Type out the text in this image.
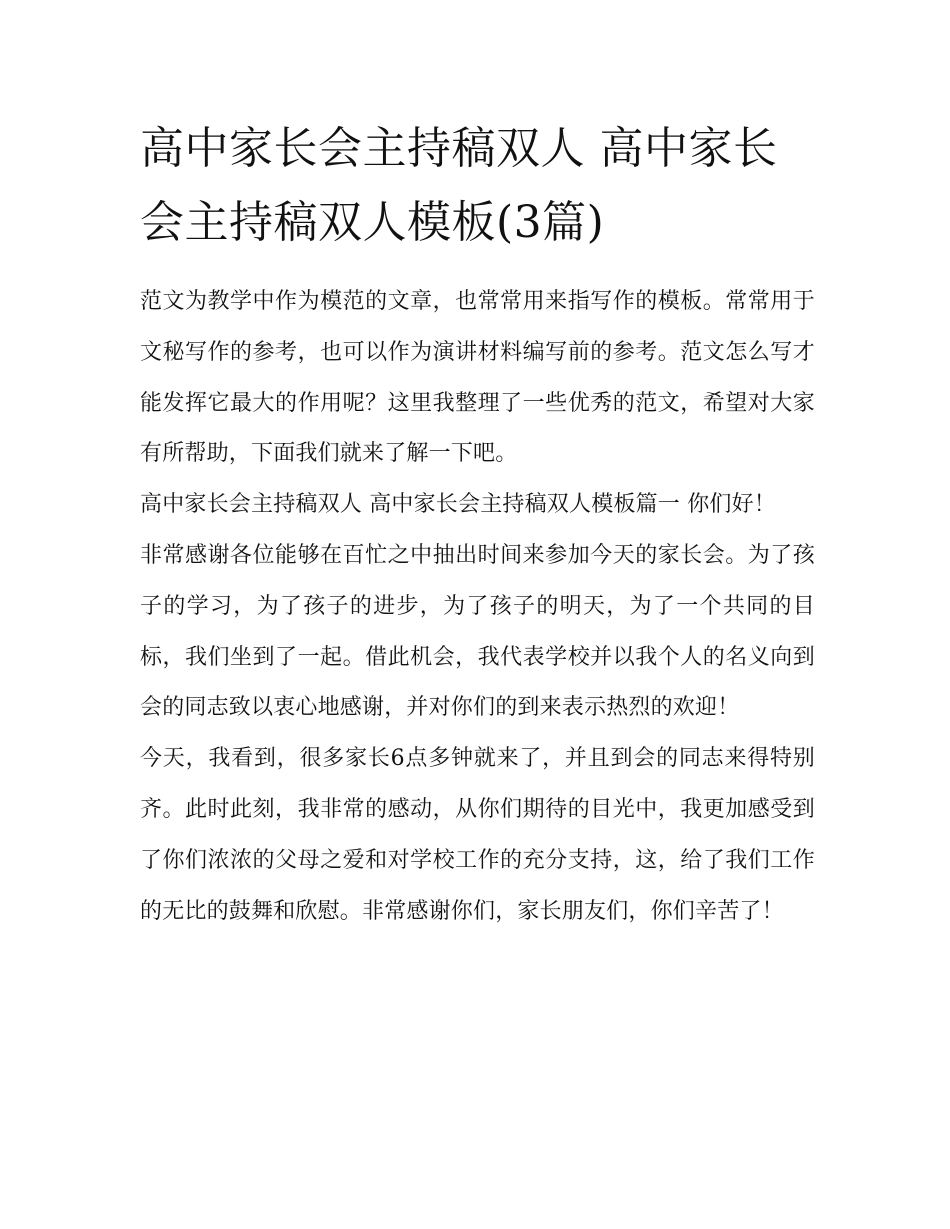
高中家长会主持稿双人 高中家长会主持稿双人模板(3篇)

范文为教学中作为模范的文章，也常常用来指写作的模板。常常用于文秘写作的参考，也可以作为演讲材料编写前的参考。范文怎么写才能发挥它最大的作用呢？这里我整理了一些优秀的范文，希望对大家有所帮助，下面我们就来了解一下吧。

高中家长会主持稿双人 高中家长会主持稿双人模板篇一 你们好！

非常感谢各位能够在百忙之中抽出时间来参加今天的家长会。为了孩子的学习，为了孩子的进步，为了孩子的明天，为了一个共同的目标，我们坐到了一起。借此机会，我代表学校并以我个人的名义向到会的同志致以衷心地感谢，并对你们的到来表示热烈的欢迎！

今天，我看到，很多家长6点多钟就来了，并且到会的同志来得特别齐。此时此刻，我非常的感动，从你们期待的目光中，我更加感受到了你们浓浓的父母之爱和对学校工作的充分支持，这，给了我们工作的无比的鼓舞和欣慰。非常感谢你们，家长朋友们，你们辛苦了！
